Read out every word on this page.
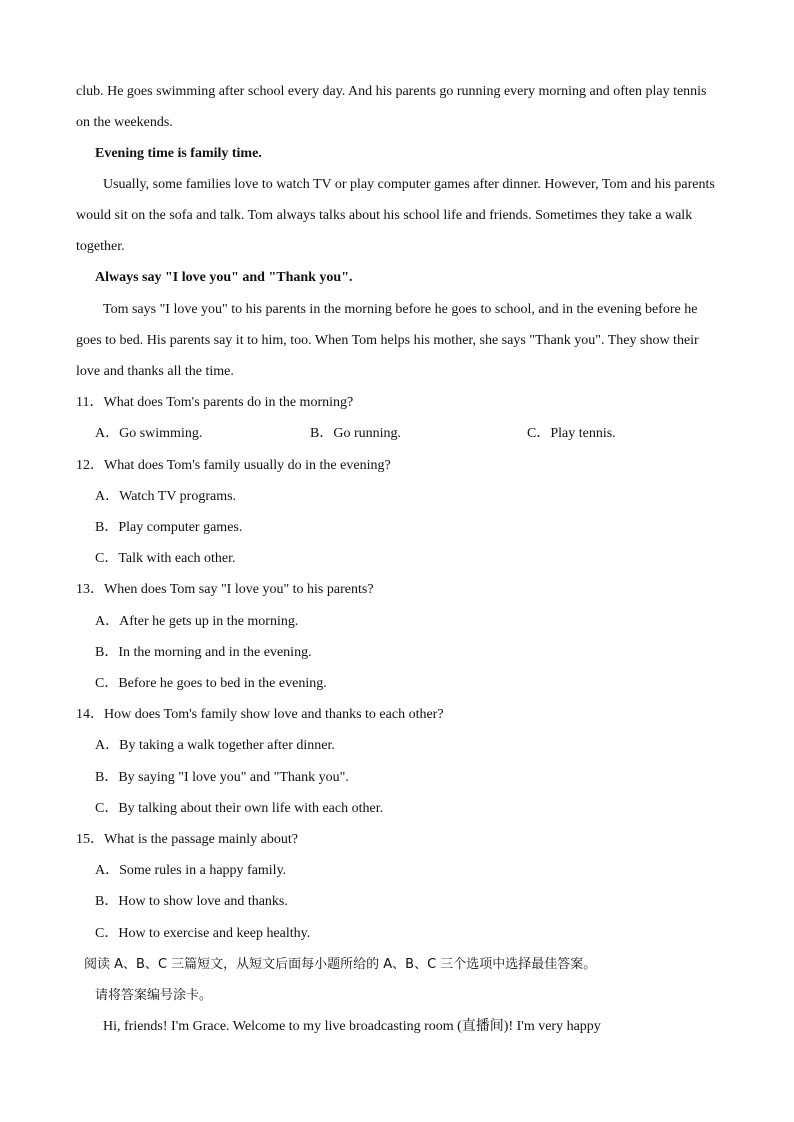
club. He goes swimming after school every day. And his parents go running every morning and often play tennis
on the weekends.
Evening time is family time.
Usually, some families love to watch TV or play computer games after dinner. However, Tom and his parents
would sit on the sofa and talk. Tom always talks about his school life and friends. Sometimes they take a walk
together.
Always say "I love you" and "Thank you".
Tom says "I love you" to his parents in the morning before he goes to school, and in the evening before he
goes to bed. His parents say it to him, too. When Tom helps his mother, she says "Thank you". They show their
love and thanks all the time.
11．What does Tom's parents do in the morning?
A．Go swimming.	B．Go running.	C．Play tennis.
12．What does Tom's family usually do in the evening?
A．Watch TV programs.
B．Play computer games.
C．Talk with each other.
13．When does Tom say "I love you" to his parents?
A．After he gets up in the morning.
B．In the morning and in the evening.
C．Before he goes to bed in the evening.
14．How does Tom's family show love and thanks to each other?
A．By taking a walk together after dinner.
B．By saying "I love you" and "Thank you".
C．By talking about their own life with each other.
15．What is the passage mainly about?
A．Some rules in a happy family.
B．How to show love and thanks.
C．How to exercise and keep healthy.
阅读 A、B、C 三篇短文，从短文后面每小题所给的 A、B、C 三个选项中选择最佳答案。
请将答案编号涂卡。
Hi, friends! I'm Grace. Welcome to my live broadcasting room (直播间)! I'm very happy
